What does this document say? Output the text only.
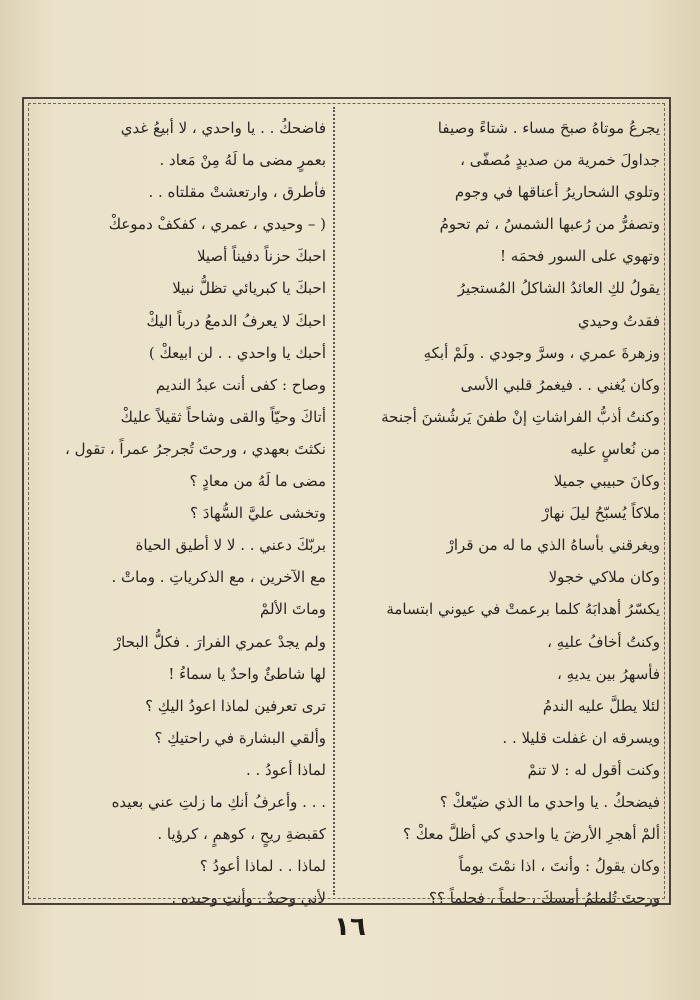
يجرعُ موتاهُ صبحَ مساء . شتاءً وصيفا
جداولَ خمرية من صديدٍ مُصفّى ،
وتلوي الشحاريرُ أعناقها في وجوم
وتصفرُّ من رُعبها الشمسُ ، ثم تحومُ
وتهوي على السور فحمَه !
يقولُ لكِ العائدُ الشاكلُ المُستجيرُ
فقدتُ وحيدي
وزهرةَ عمري ، وسرَّ وجودي . ولَمْ أبكهِ
وكان يُغني . . فيغمرُ قلبي الأسى
وكنتُ أذبُّ الفراشاتِ إنْ طفنَ يَرشُشنَ أجنحة
من نُعاسٍ عليه
وكانَ حبيبي جميلا
ملاكاً يُسبّحُ ليلَ نهارْ
ويغرقني بأساهُ الذي ما له من قرارْ
وكان ملاكي خجولا
يكسّرُ أهدابَهُ كلما برعمتْ في عيوني ابتسامة
وكنتُ أخافُ عليهِ ،
فأسهرُ بين يديهِ ،
لئلا يطلَّ عليه الندمُ
ويسرقه ان غفلت قليلا . .
وكنت أقول له : لا تنمْ
فيضحكُ . يا واحدي ما الذي ضيّعكْ ؟
ألمْ أهجرِ الأرضَ يا واحدي كي أظلَّ معكْ ؟
وكان يقولُ : وأنتَ ، اذا نمْتَ يوماً
ورحتَ تُلملمُ أمسكَ ، حلماً ، فحلماً ؟؟
فاضحكُ . . يا واحدي ، لا أبيعُ غدي
بعمرٍ مضى ما لَهُ مِنْ مَعاد .
فأطرق ، وارتعشتْ مقلتاه . .
( – وحيدي ، عمري ، كفكفْ دموعكْ
احبكَ حزناً دفيناً أصيلا
احبكَ يا كبريائي تظلُّ نبيلا
احبكَ لا يعرفُ الدمعُ درباً اليكْ
أحبك يا واحدي . . لن ابيعكْ )
وصاح : كفى أنت عبدُ النديم
أتاكَ وحيّاً والقى وشاحاً ثقيلاً عليكْ
نكثتَ بعهدي ، ورحتَ تُجرجرُ عمراً ، تقول ،
مضى ما لَهُ من معادٍ ؟
وتخشى عليَّ السُّهادَ ؟
بربّكَ دعني . . لا لا أطيق الحياة
مع الآخرين ، مع الذكرياتِ . وماتْ .
وماتَ الألمْ
ولم يجدْ عمري الفرارَ . فكلُّ البحارْ
لها شاطئٌ واحدٌ يا سماءُ !
ترى تعرفين لماذا اعودُ اليكِ ؟
وألقي البشارة في راحتيكِ ؟
لماذا أعودُ . .
. . . وأعرفُ أنكِ ما زلتِ عني بعيده
كقبضةِ ريحٍ ، كوهمٍ ، كرؤيا .
لماذا . . لماذا أعودُ ؟
لأني وحيدٌ . وأنتِ وحيده .
١٦
